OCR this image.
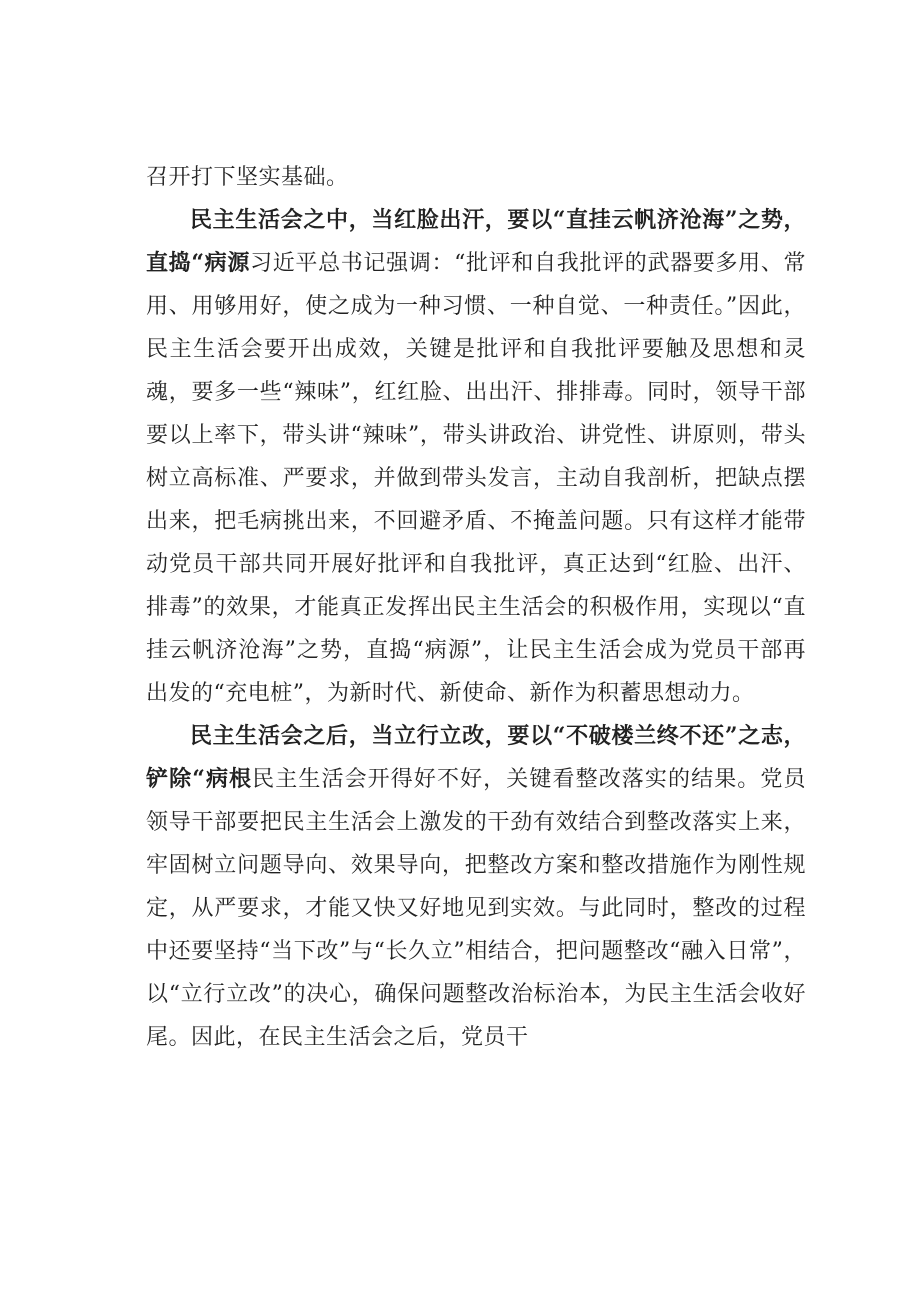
召开打下坚实基础。

民主生活会之中，当红脸出汗，要以“直挂云帆济沧海”之势，直捣“病源习近平总书记强调：“批评和自我批评的武器要多用、常用、用够用好，使之成为一种习惯、一种自觉、一种责任。”因此，民主生活会要开出成效，关键是批评和自我批评要触及思想和灵魂，要多一些“辣味”，红红脸、出出汗、排排毒。同时，领导干部要以上率下，带头讲“辣味”，带头讲政治、讲党性、讲原则，带头树立高标准、严要求，并做到带头发言，主动自我剖析，把缺点摆出来，把毛病挑出来，不回避矛盾、不掩盖问题。只有这样才能带动党员干部共同开展好批评和自我批评，真正达到“红脸、出汗、排毒”的效果，才能真正发挥出民主生活会的积极作用，实现以“直挂云帆济沧海”之势，直捣“病源”，让民主生活会成为党员干部再出发的“充电桩”，为新时代、新使命、新作为积蓄思想动力。

民主生活会之后，当立行立改，要以“不破楼兰终不还”之志，铲除“病根民主生活会开得好不好，关键看整改落实的结果。党员领导干部要把民主生活会上激发的干劲有效结合到整改落实上来，牢固树立问题导向、效果导向，把整改方案和整改措施作为刚性规定，从严要求，才能又快又好地见到实效。与此同时，整改的过程中还要坚持“当下改”与“长久立”相结合，把问题整改“融入日常”，以“立行立改”的决心，确保问题整改治标治本，为民主生活会收好尾。因此，在民主生活会之后，党员干
